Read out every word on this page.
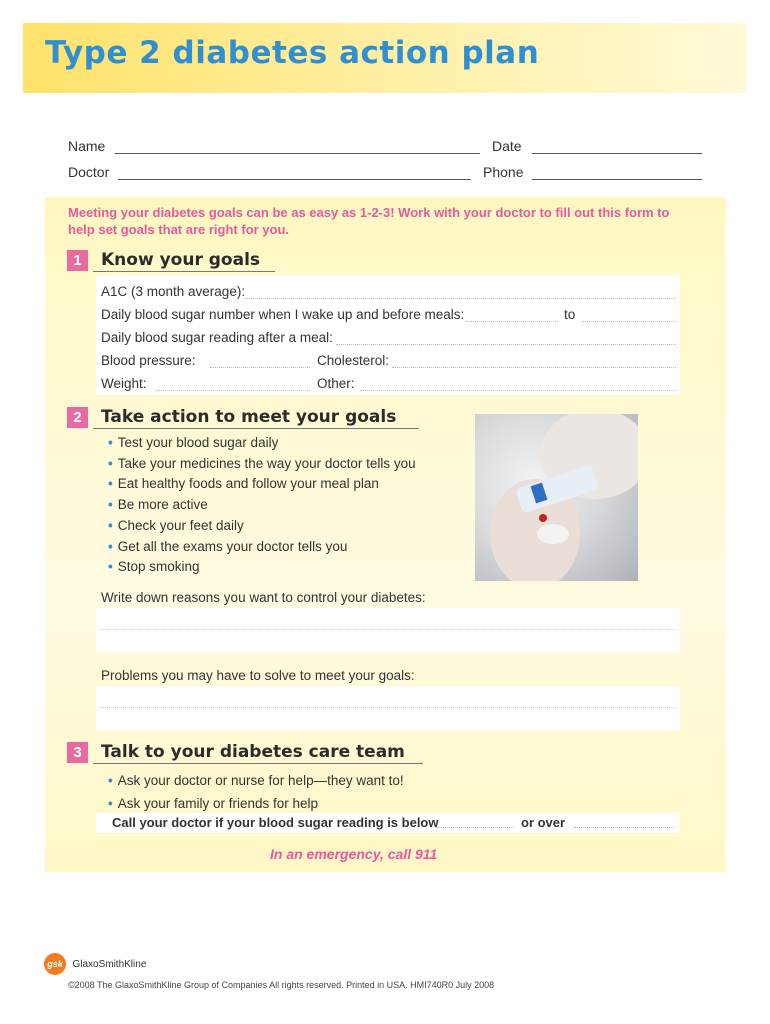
Type 2 diabetes action plan
Name	Date
Doctor	Phone
Meeting your diabetes goals can be as easy as 1-2-3! Work with your doctor to fill out this form to help set goals that are right for you.
1	Know your goals
A1C (3 month average):
Daily blood sugar number when I wake up and before meals:	to
Daily blood sugar reading after a meal:
Blood pressure:	Cholesterol:
Weight:	Other:
2	Take action to meet your goals
• Test your blood sugar daily
• Take your medicines the way your doctor tells you
• Eat healthy foods and follow your meal plan
• Be more active
• Check your feet daily
• Get all the exams your doctor tells you
• Stop smoking
Write down reasons you want to control your diabetes:
Problems you may have to solve to meet your goals:
3	Talk to your diabetes care team
• Ask your doctor or nurse for help—they want to!
• Ask your family or friends for help
Call your doctor if your blood sugar reading is below	or over
In an emergency, call 911
gsk GlaxoSmithKline
©2008 The GlaxoSmithKline Group of Companies All rights reserved. Printed in USA. HMI740R0 July 2008
